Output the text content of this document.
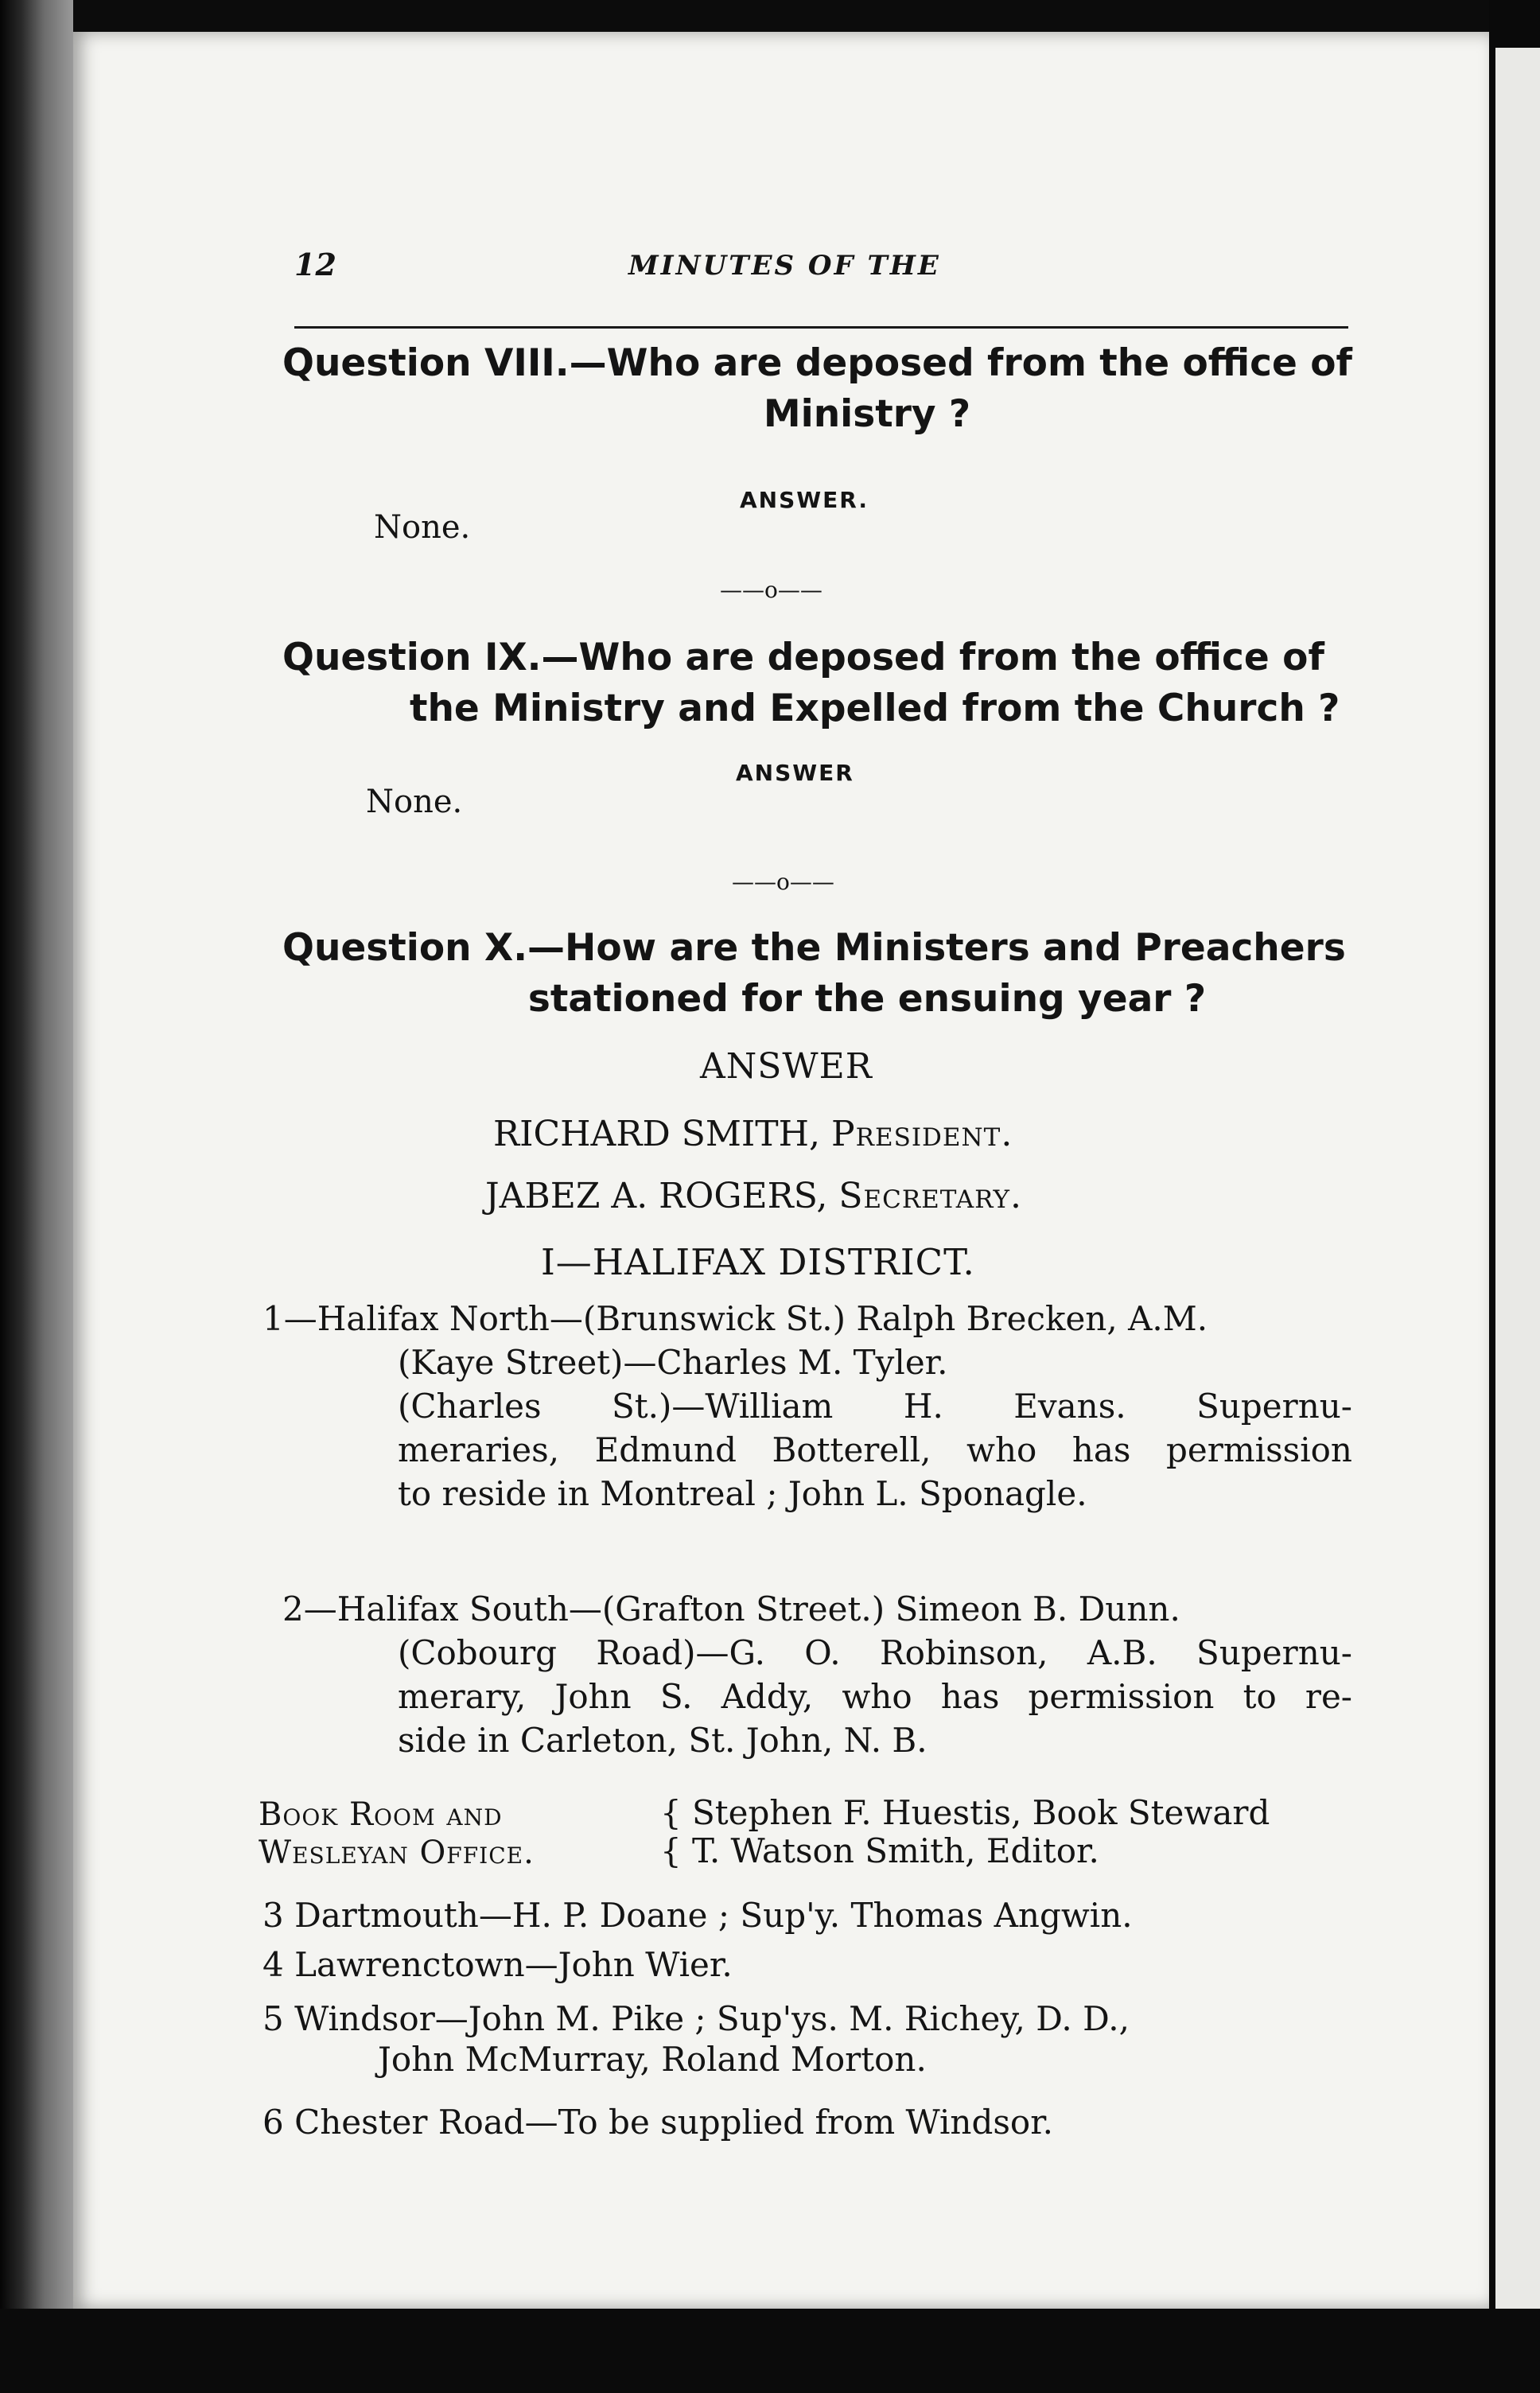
12	MINUTES OF THE
Question VIII.—Who are deposed from the office of
Ministry ?
ANSWER.
None.
——o——
Question IX.—Who are deposed from the office of
the Ministry and Expelled from the Church ?
ANSWER
None.
——o——
Question X.—How are the Ministers and Preachers
stationed for the ensuing year ?
ANSWER
RICHARD SMITH, President.
JABEZ A. ROGERS, Secretary.
I—HALIFAX DISTRICT.
1—Halifax North—(Brunswick St.) Ralph Brecken, A.M.
(Kaye Street)—Charles M. Tyler.
(Charles St.)—William H. Evans. Supernu-
meraries, Edmund Botterell, who has permission
to reside in Montreal ; John L. Sponagle.
2—Halifax South—(Grafton Street.) Simeon B. Dunn.
(Cobourg Road)—G. O. Robinson, A.B. Supernu-
merary, John S. Addy, who has permission to re-
side in Carleton, St. John, N. B.
Book Room and
Wesleyan Office.
{
{
Stephen F. Huestis, Book Steward
T. Watson Smith, Editor.
3 Dartmouth—H. P. Doane ; Sup'y. Thomas Angwin.
4 Lawrenctown—John Wier.
5 Windsor—John M. Pike ; Sup'ys. M. Richey, D. D.,
John McMurray, Roland Morton.
6 Chester Road—To be supplied from Windsor.
